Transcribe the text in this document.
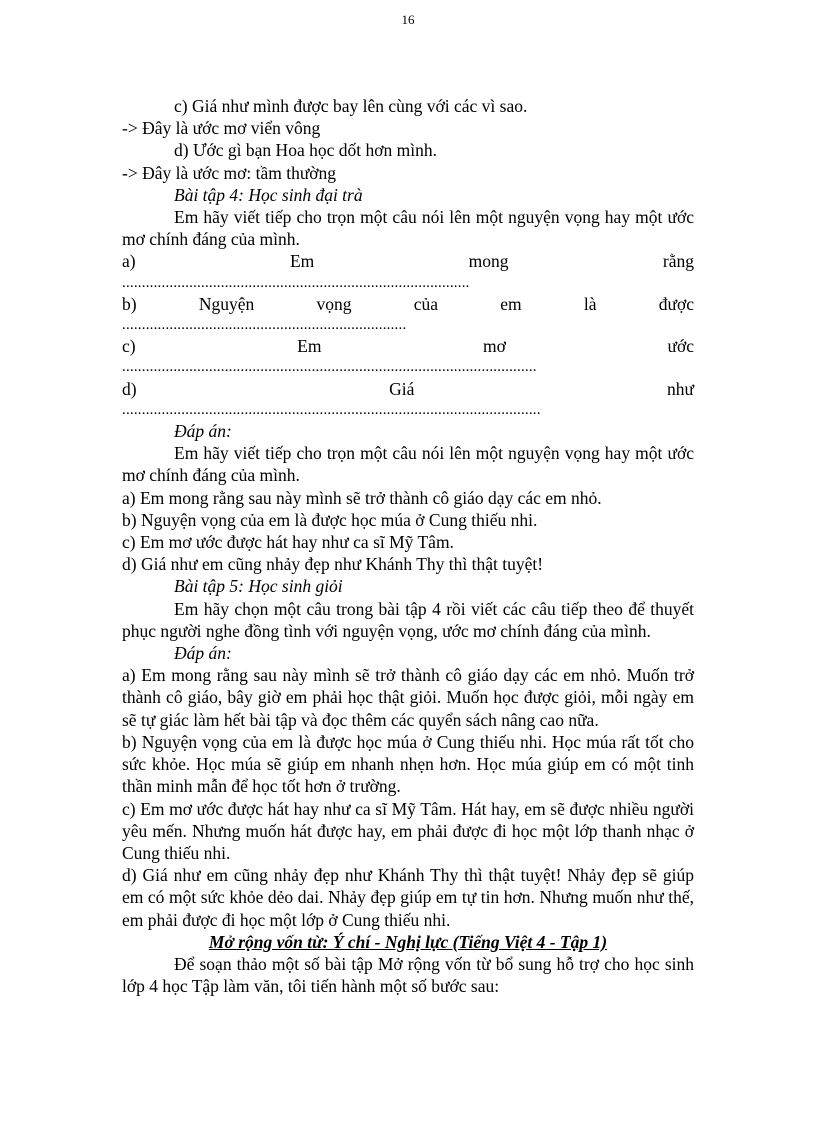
16

c) Giá như mình được bay lên cùng với các vì sao.

-> Đây là ước mơ viển vông

d) Ước gì bạn Hoa học dốt hơn mình.

-> Đây là ước mơ: tầm thường

Bài tập 4: Học sinh đại trà

Em hãy viết tiếp cho trọn một câu nói lên một nguyện vọng hay một ước mơ chính đáng của mình.

a)	Em	mong	rằng

........................................................................................

b)	Nguyện	vọng	của	em	là	được

........................................................................

c)	Em	mơ	ước

.........................................................................................................

d)	Giá	như

..........................................................................................................

Đáp án:

Em hãy viết tiếp cho trọn một câu nói lên một nguyện vọng hay một ước mơ chính đáng của mình.

a) Em mong rằng sau này mình sẽ trở thành cô giáo dạy các em nhỏ.

b) Nguyện vọng của em là được học múa ở Cung thiếu nhi.

c) Em mơ ước được hát hay như ca sĩ Mỹ Tâm.

d) Giá như em cũng nhảy đẹp như Khánh Thy thì thật tuyệt!

Bài tập 5: Học sinh giỏi

Em hãy chọn một câu trong bài tập 4 rồi viết các câu tiếp theo để thuyết phục người nghe đồng tình với nguyện vọng, ước mơ chính đáng của mình.

Đáp án:

a) Em mong rằng sau này mình sẽ trở thành cô giáo dạy các em nhỏ. Muốn trở thành cô giáo, bây giờ em phải học thật giỏi. Muốn học được giỏi, mỗi ngày em sẽ tự giác làm hết bài tập và đọc thêm các quyển sách nâng cao nữa.

b) Nguyện vọng của em là được học múa ở Cung thiếu nhi. Học múa rất tốt cho sức khỏe. Học múa sẽ giúp em nhanh nhẹn hơn. Học múa giúp em có một tinh thần minh mẫn để học tốt hơn ở trường.

c) Em mơ ước được hát hay như ca sĩ Mỹ Tâm. Hát hay, em sẽ được nhiều người yêu mến. Nhưng muốn hát được hay, em phải được đi học một lớp thanh nhạc ở Cung thiếu nhi.

d) Giá như em cũng nhảy đẹp như Khánh Thy thì thật tuyệt! Nhảy đẹp sẽ giúp em có một sức khỏe dẻo dai. Nhảy đẹp giúp em tự tin hơn. Nhưng muốn như thế, em phải được đi học một lớp ở Cung thiếu nhi.

Mở rộng vốn từ: Ý chí - Nghị lực (Tiếng Việt 4 - Tập 1)

Để soạn thảo một số bài tập Mở rộng vốn từ bổ sung hỗ trợ cho học sinh lớp 4 học Tập làm văn, tôi tiến hành một số bước sau:
